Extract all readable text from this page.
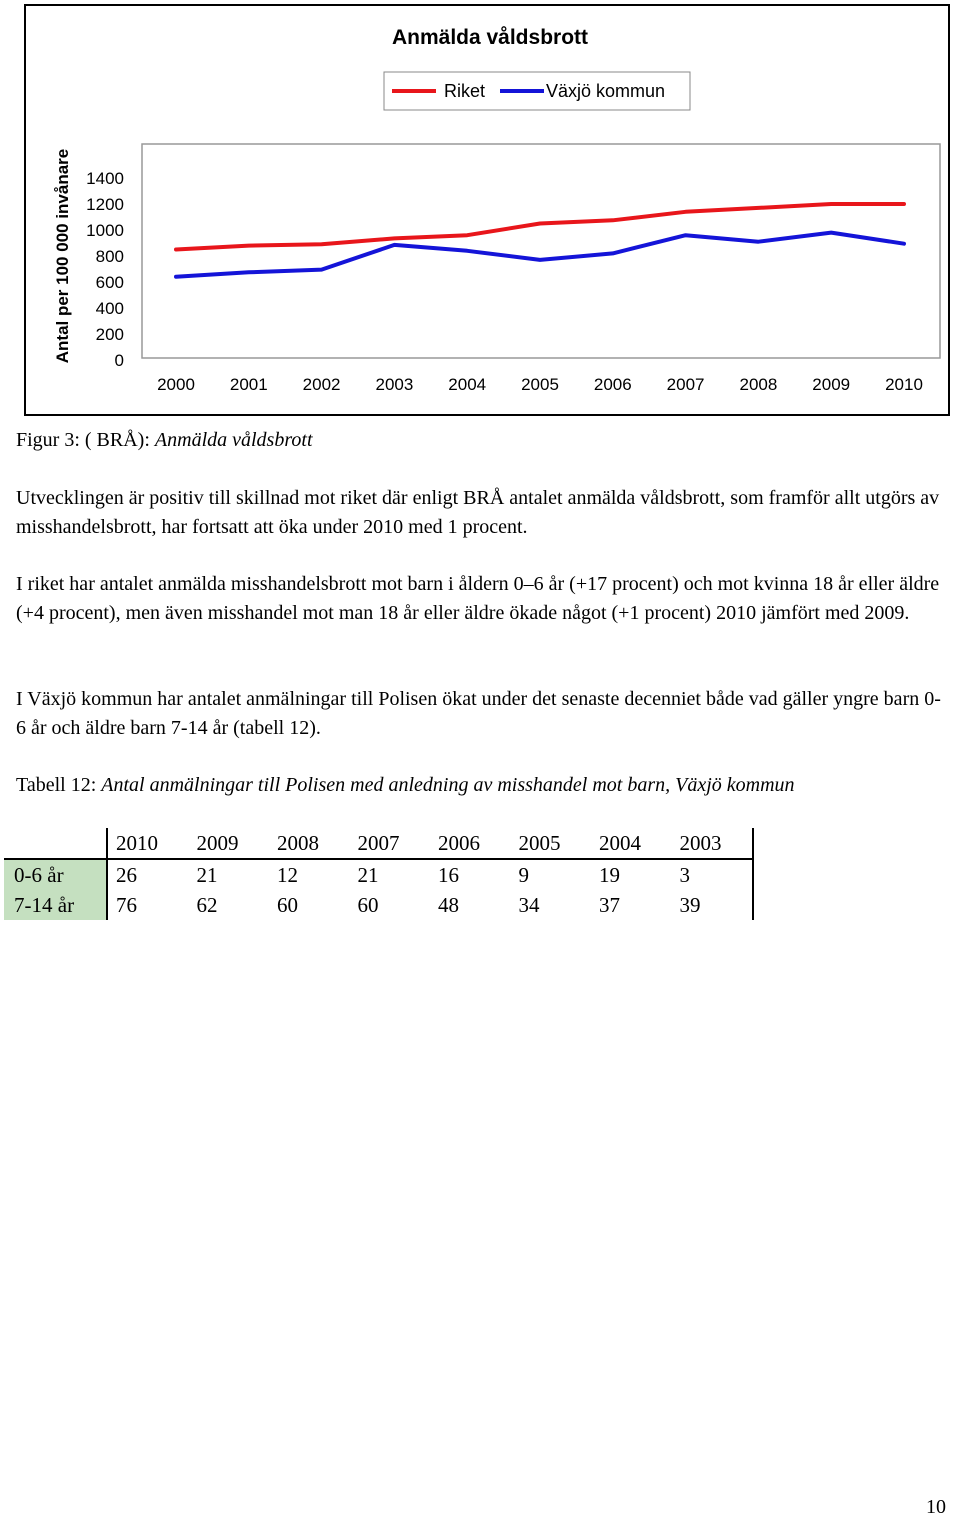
Anmälda våldsbrott
Riket	Växjö kommun
Antal per 100 000 invånare 1400
1200
1000
800
600
400
200
0
2000 2001 2002 2003 2004 2005 2006 2007 2008 2009 2010
Figur 3: ( BRÅ): Anmälda våldsbrott

Utvecklingen är positiv till skillnad mot riket där enligt BRÅ antalet anmälda våldsbrott, som framför allt utgörs av misshandelsbrott, har fortsatt att öka under 2010 med 1 procent.

I riket har antalet anmälda misshandelsbrott mot barn i åldern 0–6 år (+17 procent) och mot kvinna 18 år eller äldre (+4 procent), men även misshandel mot man 18 år eller äldre ökade något (+1 procent) 2010 jämfört med 2009.

I Växjö kommun har antalet anmälningar till Polisen ökat under det senaste decenniet både vad gäller yngre barn 0-6 år och äldre barn 7-14 år (tabell 12).

Tabell 12: Antal anmälningar till Polisen med anledning av misshandel mot barn, Växjö kommun
	2010	2009	2008	2007	2006	2005	2004	2003
0-6 år	26	21	12	21	16	9	19	3
7-14 år	76	62	60	60	48	34	37	39
10
